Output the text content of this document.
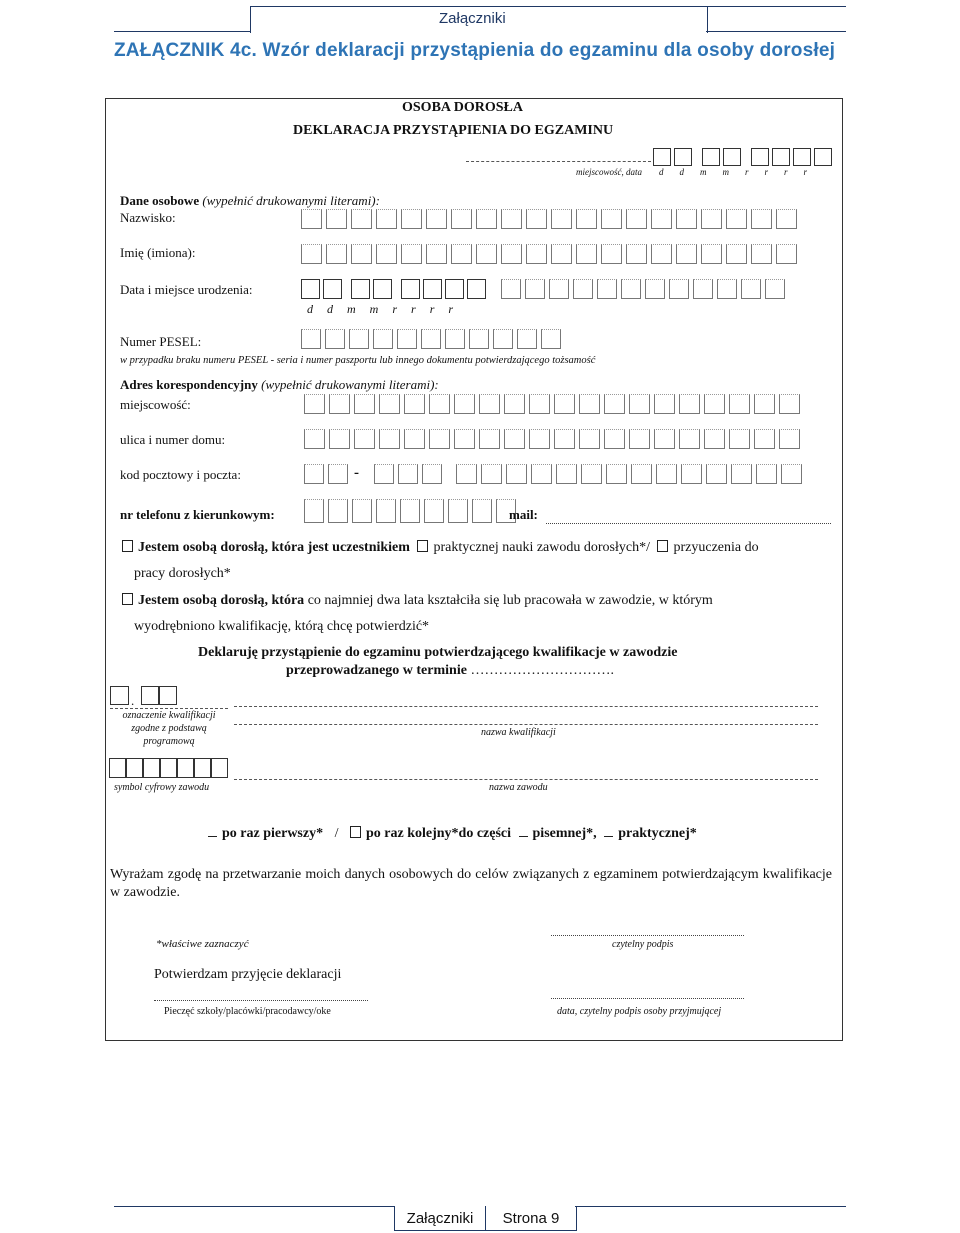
Załączniki
ZAŁĄCZNIK 4c. Wzór deklaracji przystąpienia do egzaminu dla osoby dorosłej
OSOBA DOROSŁA
DEKLARACJA PRZYSTĄPIENIA DO EGZAMINU
miejscowość, data d d m m r r r r
Dane osobowe (wypełnić drukowanymi literami):
Nazwisko:
Imię (imiona):
Data i miejsce urodzenia:
d d m m r r r r
Numer PESEL:
w przypadku braku numeru PESEL - seria i numer paszportu lub innego dokumentu potwierdzającego tożsamość
Adres korespondencyjny (wypełnić drukowanymi literami):
miejscowość:
ulica i numer domu:
kod pocztowy i poczta:	-
nr telefonu z kierunkowym:	mail:
Jestem osobą dorosłą, która jest uczestnikiem praktycznej nauki zawodu dorosłych*/ przyuczenia do
pracy dorosłych*
Jestem osobą dorosłą, która co najmniej dwa lata kształciła się lub pracowała w zawodzie, w którym
wyodrębniono kwalifikację, którą chcę potwierdzić*
Deklaruję przystąpienie do egzaminu potwierdzającego kwalifikacje w zawodzie
przeprowadzanego w terminie ………………………….
.
oznaczenie kwalifikacji zgodne z podstawą programową
nazwa kwalifikacji
symbol cyfrowy zawodu	nazwa zawodu
po raz pierwszy* / po raz kolejny*do części pisemnej*, praktycznej*
Wyrażam zgodę na przetwarzanie moich danych osobowych do celów związanych z egzaminem potwierdzającym kwalifikacje w zawodzie.
*właściwe zaznaczyć	czytelny podpis
Potwierdzam przyjęcie deklaracji
Pieczęć szkoły/placówki/pracodawcy/oke	data, czytelny podpis osoby przyjmującej
Załączniki Strona 9
